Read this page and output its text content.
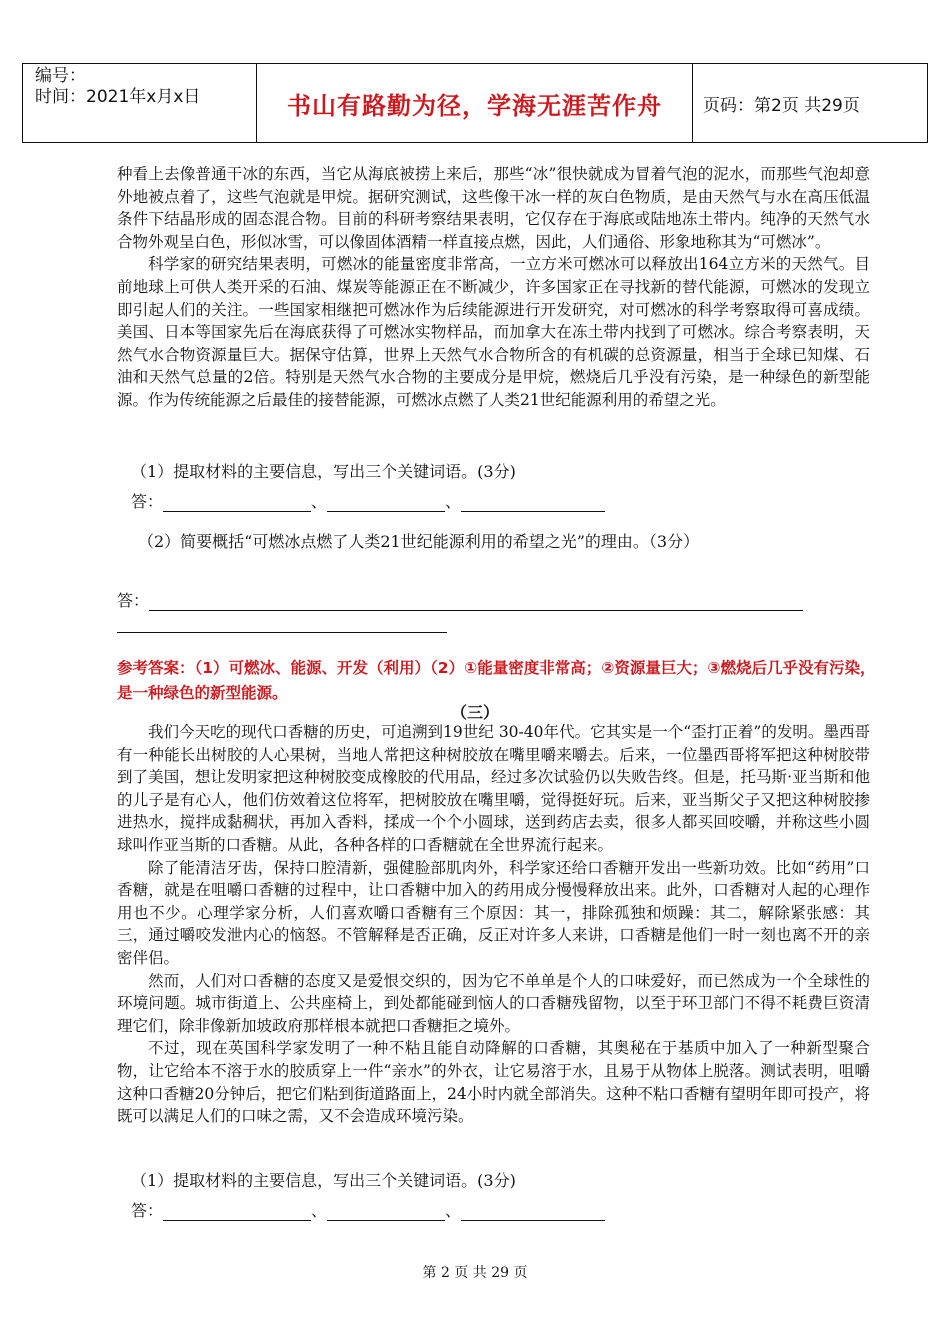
编号：
时间：2021年x月x日	书山有路勤为径，学海无涯苦作舟 页码：第2页 共29页

种看上去像普通干冰的东西，当它从海底被捞上来后，那些“冰”很快就成为冒着气泡的泥水，而那些气泡却意外地被点着了，这些气泡就是甲烷。据研究测试，这些像干冰一样的灰白色物质，是由天然气与水在高压低温条件下结晶形成的固态混合物。目前的科研考察结果表明，它仅存在于海底或陆地冻土带内。纯净的天然气水合物外观呈白色，形似冰雪，可以像固体酒精一样直接点燃，因此，人们通俗、形象地称其为“可燃冰”。

科学家的研究结果表明，可燃冰的能量密度非常高，一立方米可燃冰可以释放出164立方米的天然气。目前地球上可供人类开采的石油、煤炭等能源正在不断减少，许多国家正在寻找新的替代能源，可燃冰的发现立即引起人们的关注。一些国家相继把可燃冰作为后续能源进行开发研究，对可燃冰的科学考察取得可喜成绩。美国、日本等国家先后在海底获得了可燃冰实物样品，而加拿大在冻土带内找到了可燃冰。综合考察表明，天然气水合物资源量巨大。据保守估算，世界上天然气水合物所含的有机碳的总资源量，相当于全球已知煤、石油和天然气总量的2倍。特别是天然气水合物的主要成分是甲烷，燃烧后几乎没有污染，是一种绿色的新型能源。作为传统能源之后最佳的接替能源，可燃冰点燃了人类21世纪能源利用的希望之光。

（1）提取材料的主要信息，写出三个关键词语。(3分)
答：	、	、
（2）简要概括“可燃冰点燃了人类21世纪能源利用的希望之光”的理由。（3分）
答：
参考答案：（1）可燃冰、能源、开发（利用）（2）①能量密度非常高；②资源量巨大；③燃烧后几乎没有污染，是一种绿色的新型能源。
（三）

我们今天吃的现代口香糖的历史，可追溯到19世纪 30-40年代。它其实是一个“歪打正着”的发明。墨西哥有一种能长出树胶的人心果树，当地人常把这种树胶放在嘴里嚼来嚼去。后来，一位墨西哥将军把这种树胶带到了美国，想让发明家把这种树胶变成橡胶的代用品，经过多次试验仍以失败告终。但是，托马斯·亚当斯和他的儿子是有心人，他们仿效着这位将军，把树胶放在嘴里嚼，觉得挺好玩。后来，亚当斯父子又把这种树胶掺进热水，搅拌成黏稠状，再加入香料，揉成一个个小圆球，送到药店去卖，很多人都买回咬嚼，并称这些小圆球叫作亚当斯的口香糖。从此，各种各样的口香糖就在全世界流行起来。

除了能清洁牙齿，保持口腔清新，强健脸部肌肉外，科学家还给口香糖开发出一些新功效。比如“药用”口香糖，就是在咀嚼口香糖的过程中，让口香糖中加入的药用成分慢慢释放出来。此外，口香糖对人起的心理作用也不少。心理学家分析，人们喜欢嚼口香糖有三个原因：其一，排除孤独和烦躁：其二，解除紧张感：其三，通过嚼咬发泄内心的恼怒。不管解释是否正确，反正对许多人来讲，口香糖是他们一时一刻也离不开的亲密伴侣。

然而，人们对口香糖的态度又是爱恨交织的，因为它不单单是个人的口味爱好，而已然成为一个全球性的环境问题。城市街道上、公共座椅上，到处都能碰到恼人的口香糖残留物，以至于环卫部门不得不耗费巨资清理它们，除非像新加坡政府那样根本就把口香糖拒之境外。

不过，现在英国科学家发明了一种不粘且能自动降解的口香糖，其奥秘在于基质中加入了一种新型聚合物，让它给本不溶于水的胶质穿上一件“亲水”的外衣，让它易溶于水，且易于从物体上脱落。测试表明，咀嚼这种口香糖20分钟后，把它们粘到街道路面上，24小时内就全部消失。这种不粘口香糖有望明年即可投产，将既可以满足人们的口味之需，又不会造成环境污染。

（1）提取材料的主要信息，写出三个关键词语。(3分)
答：	、	、
第 2 页 共 29 页
